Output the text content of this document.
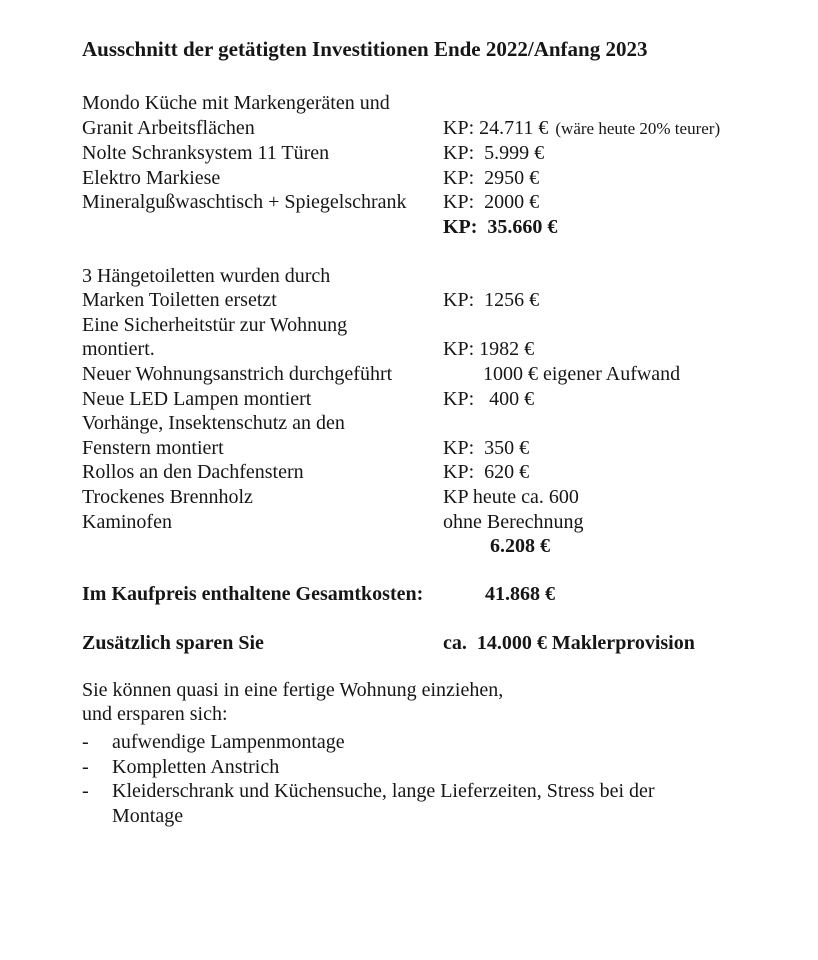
Ausschnitt der getätigten Investitionen Ende 2022/Anfang 2023
Mondo Küche mit Markengeräten und
Granit Arbeitsflächen	KP: 24.711 € (wäre heute 20% teurer)
Nolte Schranksystem 11 Türen	KP:  5.999 €
Elektro Markiese	KP:  2950 €
Mineralgußwaschtisch + Spiegelschrank	KP:  2000 €
KP:  35.660 €
3 Hängetoiletten wurden durch
Marken Toiletten ersetzt	KP:  1256 €
Eine Sicherheitstür zur Wohnung
montiert.	KP: 1982 €
Neuer Wohnungsanstrich durchgeführt	1000 € eigener Aufwand
Neue LED Lampen montiert	KP:   400 €
Vorhänge, Insektenschutz an den
Fenstern montiert	KP:  350 €
Rollos an den Dachfenstern	KP:  620 €
Trockenes Brennholz	KP heute ca. 600
Kaminofen	ohne Berechnung
6.208 €
Im Kaufpreis enthaltene Gesamtkosten:	41.868 €
Zusätzlich sparen Sie	ca.  14.000 € Maklerprovision
Sie können quasi in eine fertige Wohnung einziehen,
und ersparen sich:
-	aufwendige Lampenmontage
-	Kompletten Anstrich
-	Kleiderschrank und Küchensuche, lange Lieferzeiten, Stress bei der Montage
